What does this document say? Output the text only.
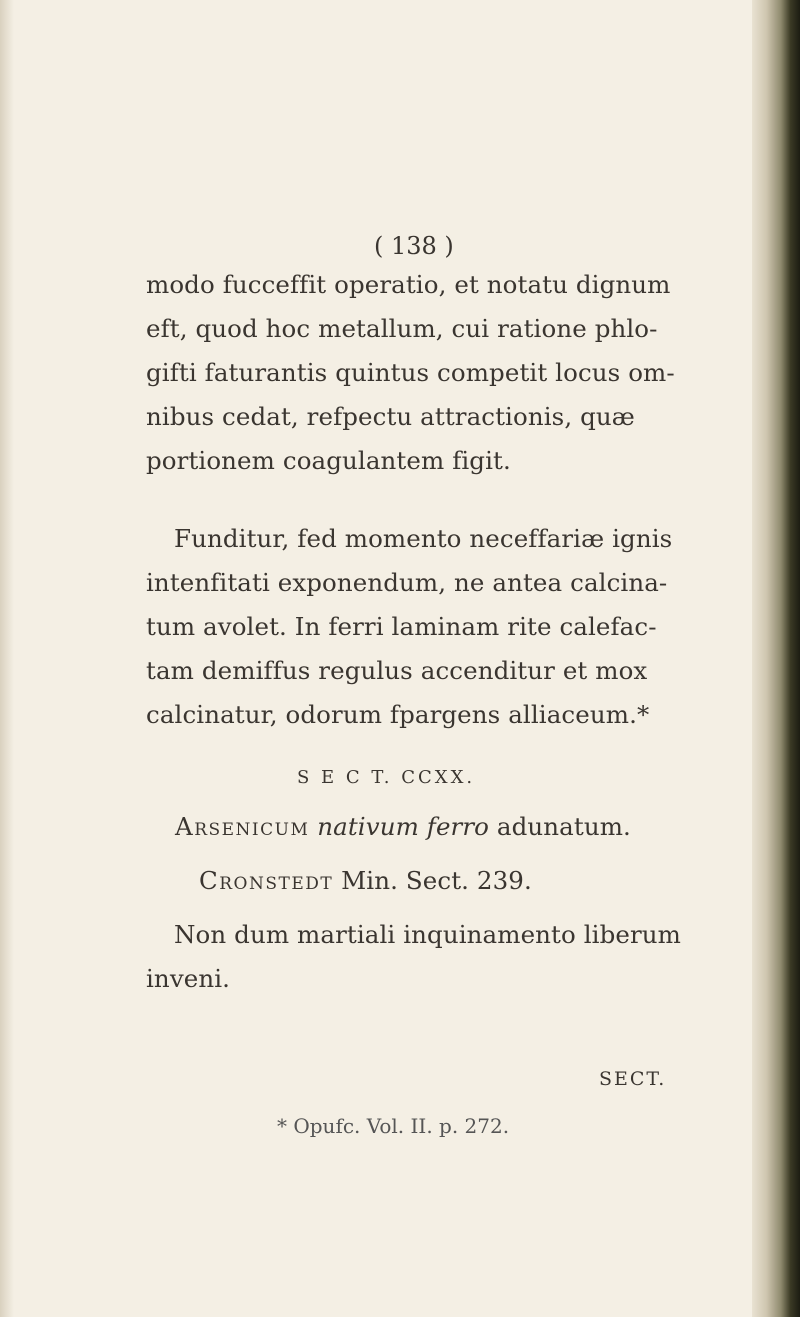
( 138 )
modo fucceffit operatio, et notatu dignum
eft, quod hoc metallum, cui ratione phlo-
gifti faturantis quintus competit locus om-
nibus cedat, refpectu attractionis, quæ
portionem coagulantem figit.
Funditur, fed momento neceffariæ ignis
intenfitati exponendum, ne antea calcina-
tum avolet. In ferri laminam rite calefac-
tam demiffus regulus accenditur et mox
calcinatur, odorum fpargens alliaceum.*
S E C T. CCXX.
Arsenicum nativum ferro adunatum.
Cronstedt Min. Sect. 239.
Non dum martiali inquinamento liberum
inveni.
SECT.
* Opufc. Vol. II. p. 272.
